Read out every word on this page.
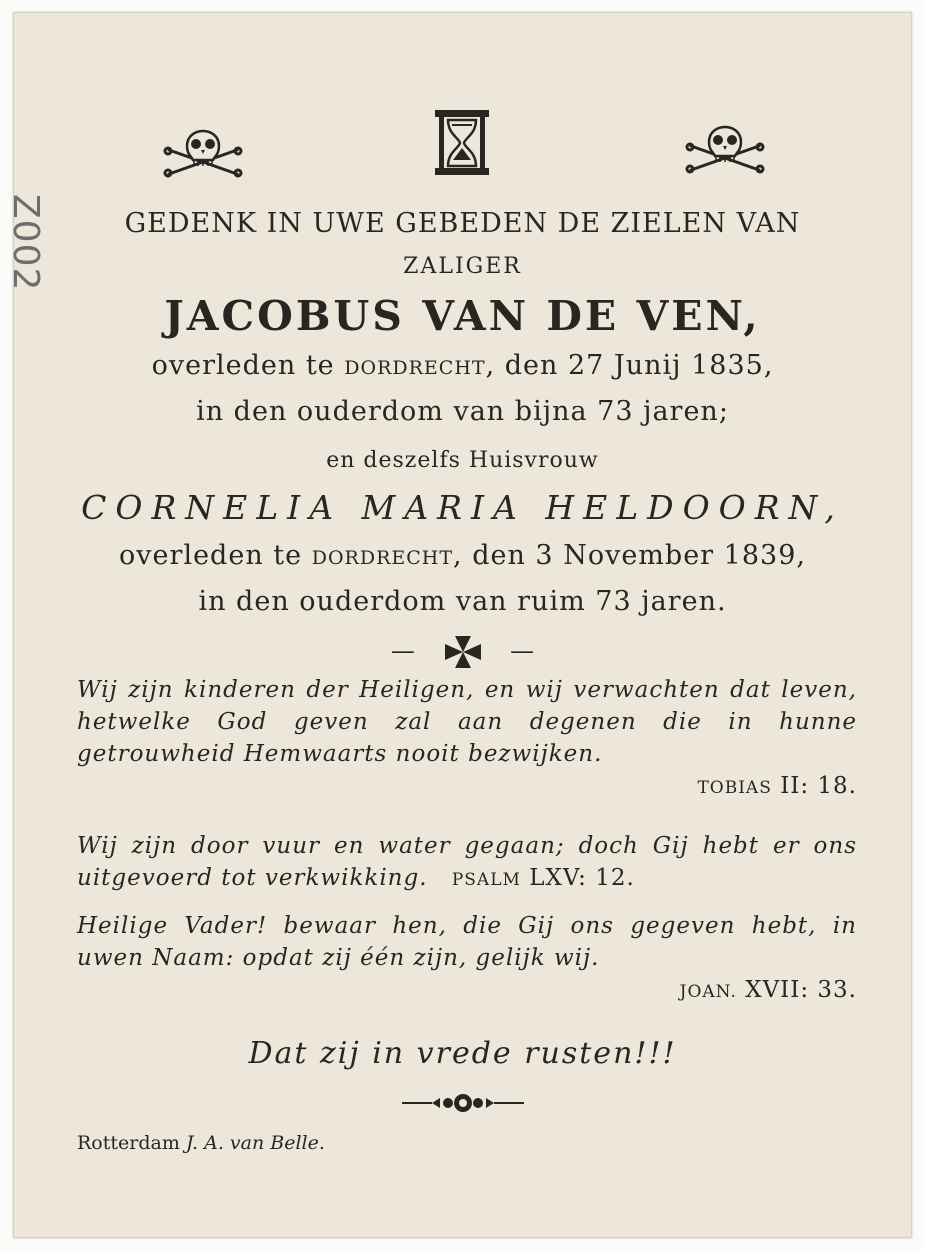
Z002	GEDENK IN UWE GEBEDEN DE ZIELEN VAN
ZALIGER
JACOBUS VAN DE VEN,
overleden te DORDRECHT, den 27 Junij 1835,
in den ouderdom van bijna 73 jaren;
en deszelfs Huisvrouw
CORNELIA MARIA HELDOORN,
overleden te DORDRECHT, den 3 November 1839,
in den ouderdom van ruim 73 jaren.
—	—
Wij zijn kinderen der Heiligen, en wij verwachten dat leven, hetwelke God geven zal aan degenen die in hunne getrouwheid Hemwaarts nooit bezwijken.
TOBIAS II: 18.
Wij zijn door vuur en water gegaan; doch Gij hebt er ons uitgevoerd tot verkwikking. PSALM LXV: 12.
Heilige Vader! bewaar hen, die Gij ons gegeven hebt, in uwen Naam: opdat zij één zijn, gelijk wij.
JOAN. XVII: 33.
Dat zij in vrede rusten!!!
Rotterdam J. A. van Belle.
